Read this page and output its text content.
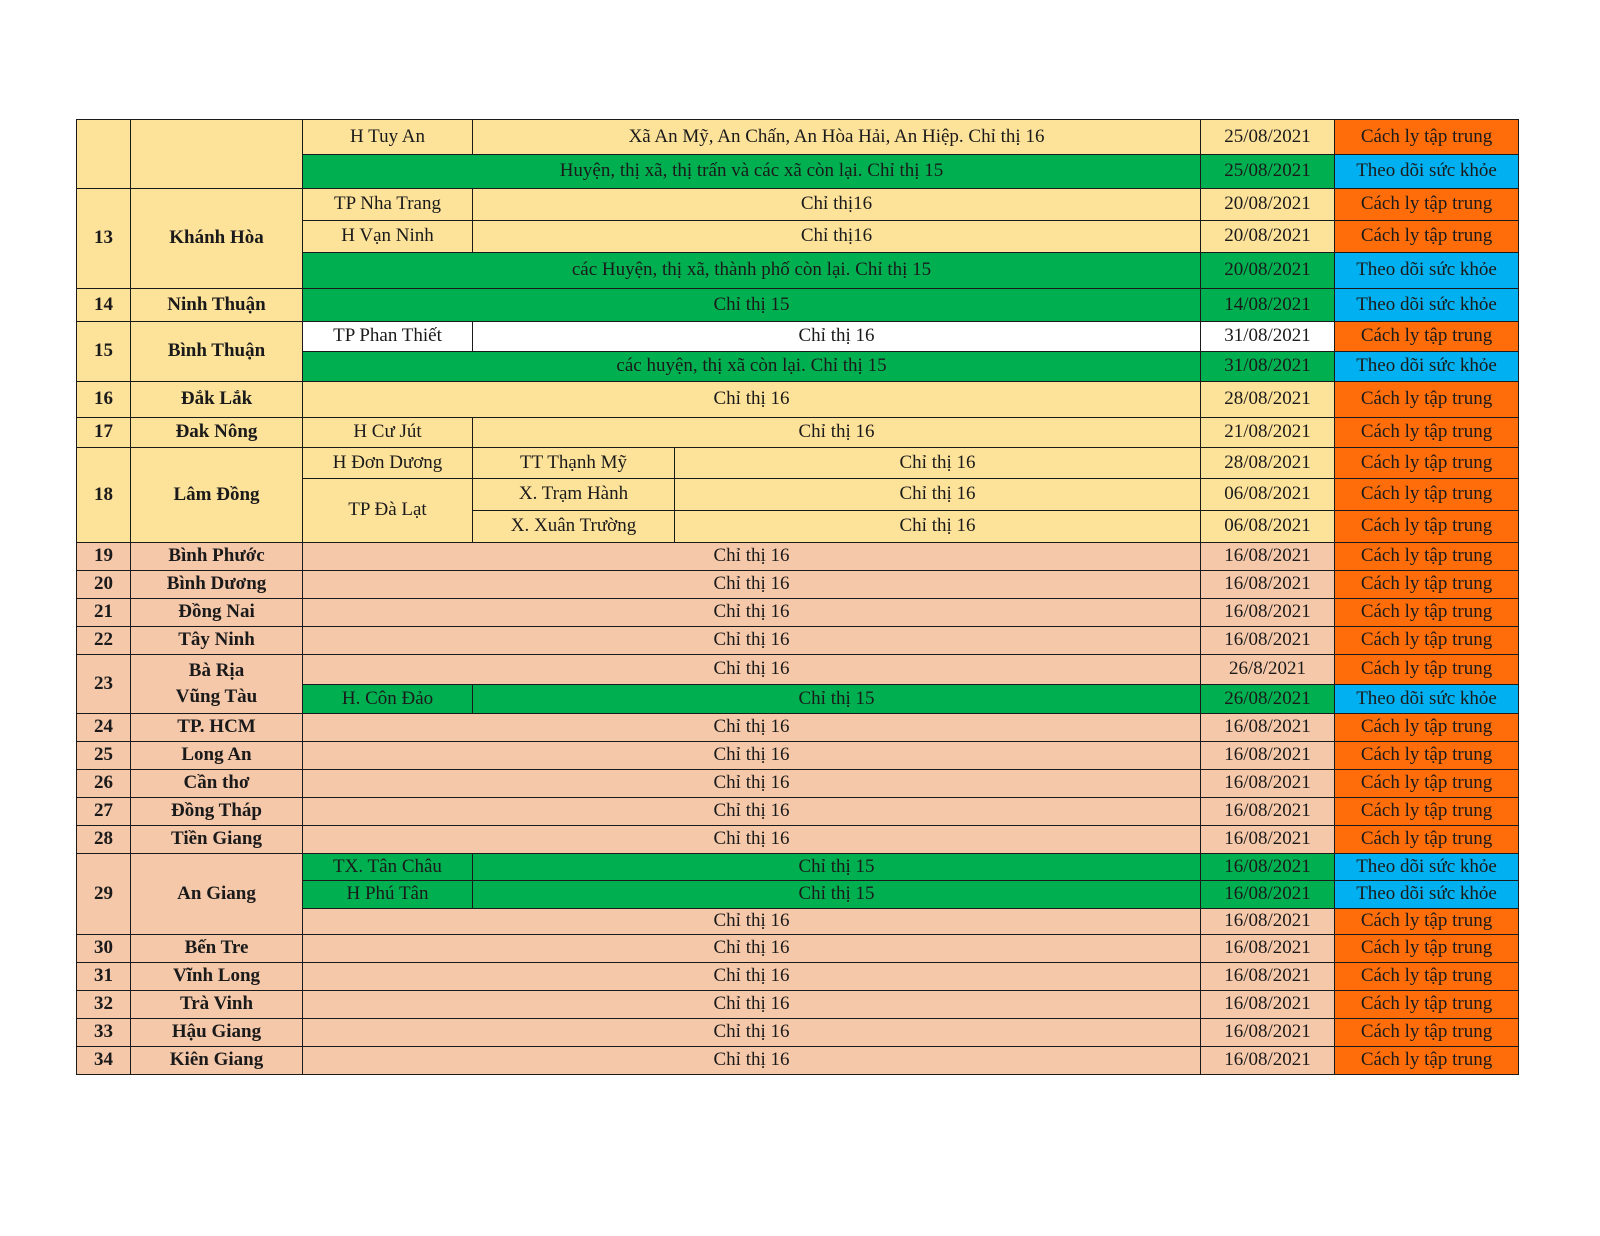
		H Tuy An	Xã An Mỹ, An Chấn, An Hòa Hải, An Hiệp. Chỉ thị 16		25/08/2021	Cách ly tập trung
		Huyện, thị xã, thị trấn và các xã còn lại. Chỉ thị 15			25/08/2021	Theo dõi sức khỏe
13	Khánh Hòa	TP Nha Trang	Chỉ thị16		20/08/2021	Cách ly tập trung
		H Vạn Ninh	Chỉ thị16		20/08/2021	Cách ly tập trung
		các Huyện, thị xã, thành phố còn lại. Chỉ thị 15			20/08/2021	Theo dõi sức khỏe
14	Ninh Thuận	Chỉ thị 15			14/08/2021	Theo dõi sức khỏe
15	Bình Thuận	TP Phan Thiết	Chỉ thị 16		31/08/2021	Cách ly tập trung
		các huyện, thị xã còn lại. Chỉ thị 15			31/08/2021	Theo dõi sức khỏe
16	Đắk Lắk	Chỉ thị 16			28/08/2021	Cách ly tập trung
17	Đak Nông	H Cư Jút	Chỉ thị 16		21/08/2021	Cách ly tập trung
18	Lâm Đồng	H Đơn Dương	TT Thạnh Mỹ	Chỉ thị 16	28/08/2021	Cách ly tập trung
		TP Đà Lạt	X. Trạm Hành	Chỉ thị 16	06/08/2021	Cách ly tập trung
			X. Xuân Trường	Chỉ thị 16	06/08/2021	Cách ly tập trung
19	Bình Phước	Chỉ thị 16			16/08/2021	Cách ly tập trung
20	Bình Dương	Chỉ thị 16			16/08/2021	Cách ly tập trung
21	Đồng Nai	Chỉ thị 16			16/08/2021	Cách ly tập trung
22	Tây Ninh	Chỉ thị 16			16/08/2021	Cách ly tập trung
23	Bà Rịa
Vũng Tàu	Chỉ thị 16			26/8/2021	Cách ly tập trung
		H. Côn Đảo	Chỉ thị 15		26/08/2021	Theo dõi sức khỏe
24	TP. HCM	Chỉ thị 16			16/08/2021	Cách ly tập trung
25	Long An	Chỉ thị 16			16/08/2021	Cách ly tập trung
26	Cần thơ	Chỉ thị 16			16/08/2021	Cách ly tập trung
27	Đồng Tháp	Chỉ thị 16			16/08/2021	Cách ly tập trung
28	Tiền Giang	Chỉ thị 16			16/08/2021	Cách ly tập trung
29	An Giang	TX. Tân Châu	Chỉ thị 15		16/08/2021	Theo dõi sức khỏe
		H Phú Tân	Chỉ thị 15		16/08/2021	Theo dõi sức khỏe
		Chỉ thị 16			16/08/2021	Cách ly tập trung
30	Bến Tre	Chỉ thị 16			16/08/2021	Cách ly tập trung
31	Vĩnh Long	Chỉ thị 16			16/08/2021	Cách ly tập trung
32	Trà Vinh	Chỉ thị 16			16/08/2021	Cách ly tập trung
33	Hậu Giang	Chỉ thị 16			16/08/2021	Cách ly tập trung
34	Kiên Giang	Chỉ thị 16			16/08/2021	Cách ly tập trung
